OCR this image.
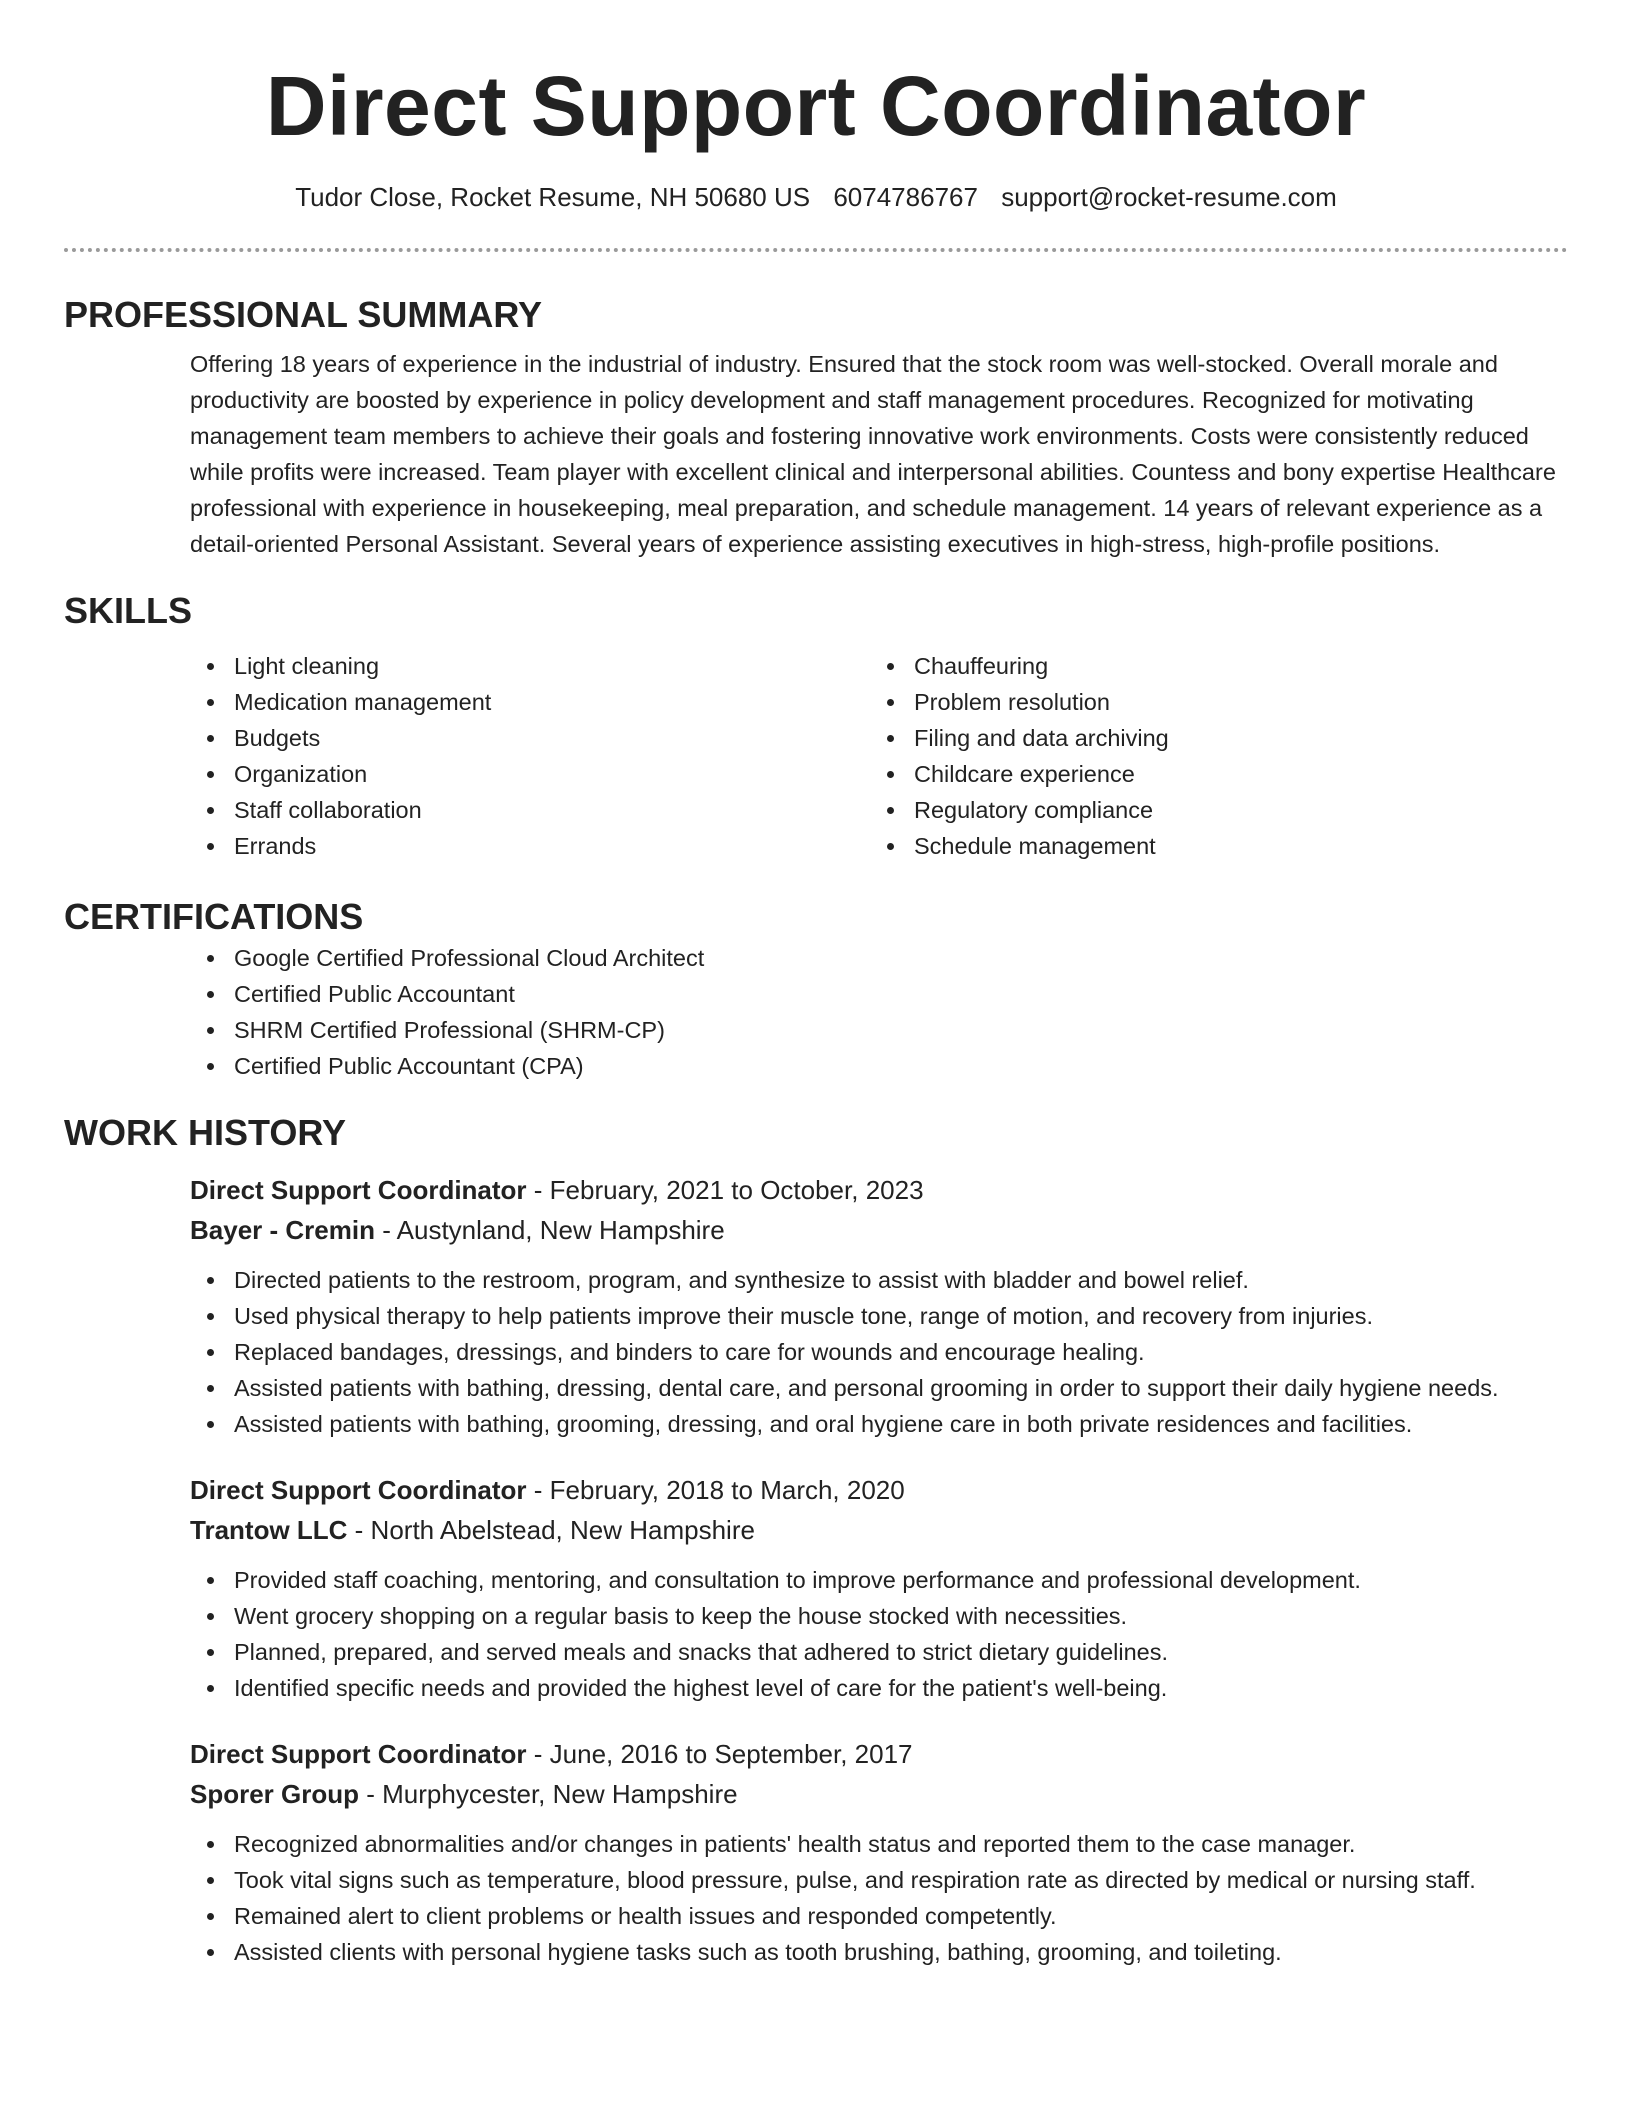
Direct Support Coordinator
Tudor Close, Rocket Resume, NH 50680 US 6074786767 support@rocket-resume.com
PROFESSIONAL SUMMARY

Offering 18 years of experience in the industrial of industry. Ensured that the stock room was well-stocked. Overall morale and productivity are boosted by experience in policy development and staff management procedures. Recognized for motivating management team members to achieve their goals and fostering innovative work environments. Costs were consistently reduced while profits were increased. Team player with excellent clinical and interpersonal abilities. Countess and bony expertise Healthcare professional with experience in housekeeping, meal preparation, and schedule management. 14 years of relevant experience as a detail-oriented Personal Assistant. Several years of experience assisting executives in high-stress, high-profile positions.

SKILLS
Light cleaning
Medication management
Budgets
Organization
Staff collaboration
Errands
Chauffeuring
Problem resolution
Filing and data archiving
Childcare experience
Regulatory compliance
Schedule management
CERTIFICATIONS
Google Certified Professional Cloud Architect
Certified Public Accountant
SHRM Certified Professional (SHRM-CP)
Certified Public Accountant (CPA)
WORK HISTORY
Direct Support Coordinator - February, 2021 to October, 2023
Bayer - Cremin - Austynland, New Hampshire
Directed patients to the restroom, program, and synthesize to assist with bladder and bowel relief.
Used physical therapy to help patients improve their muscle tone, range of motion, and recovery from injuries.
Replaced bandages, dressings, and binders to care for wounds and encourage healing.
Assisted patients with bathing, dressing, dental care, and personal grooming in order to support their daily hygiene needs.
Assisted patients with bathing, grooming, dressing, and oral hygiene care in both private residences and facilities.
Direct Support Coordinator - February, 2018 to March, 2020
Trantow LLC - North Abelstead, New Hampshire
Provided staff coaching, mentoring, and consultation to improve performance and professional development.
Went grocery shopping on a regular basis to keep the house stocked with necessities.
Planned, prepared, and served meals and snacks that adhered to strict dietary guidelines.
Identified specific needs and provided the highest level of care for the patient's well-being.
Direct Support Coordinator - June, 2016 to September, 2017
Sporer Group - Murphycester, New Hampshire
Recognized abnormalities and/or changes in patients' health status and reported them to the case manager.
Took vital signs such as temperature, blood pressure, pulse, and respiration rate as directed by medical or nursing staff.
Remained alert to client problems or health issues and responded competently.
Assisted clients with personal hygiene tasks such as tooth brushing, bathing, grooming, and toileting.
